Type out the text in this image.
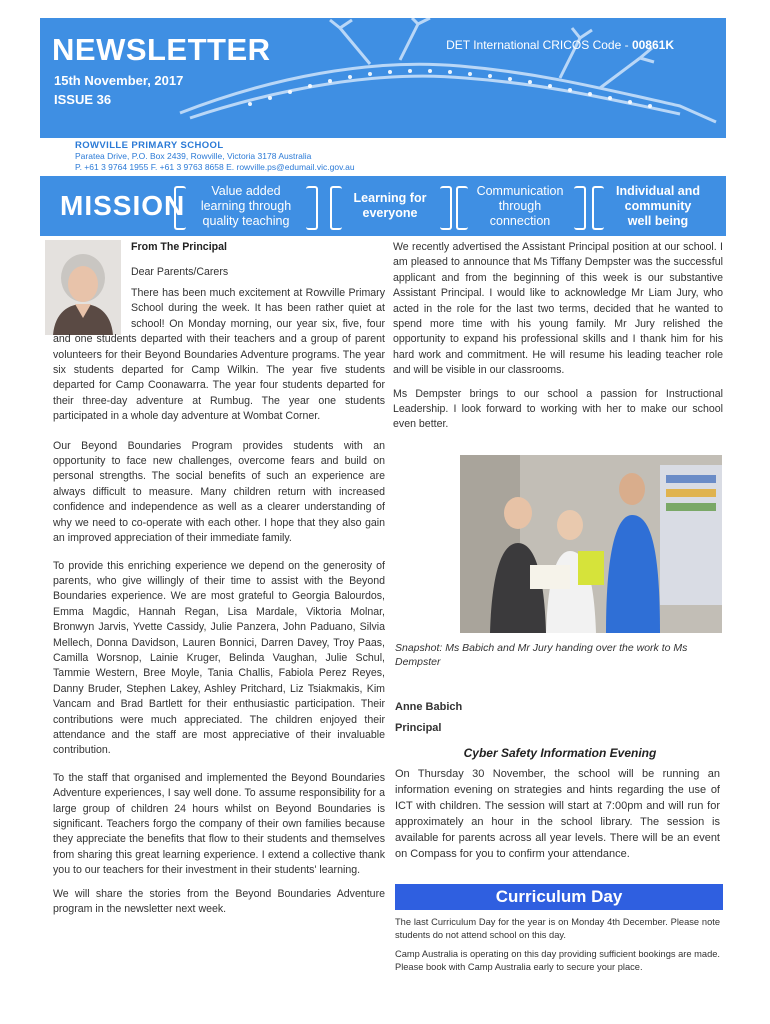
NEWSLETTER
15th November, 2017
ISSUE 36
DET International CRICOS Code - 00861K
ROWVILLE PRIMARY SCHOOL
Paratea Drive, P.O. Box 2439, Rowville, Victoria 3178 Australia
P. +61 3 9764 1955 F. +61 3 9763 8658 E. rowville.ps@edumail.vic.gov.au
MISSION	Value added
learning through
quality teaching
Learning for
everyone
Communication
through
connection
Individual and
community
well being
From The Principal
Dear Parents/Carers

There has been much excitement at Rowville Primary School during the week. It has been rather quiet at school! On Monday morning, our year six, five, four and one students departed with their teachers and a group of parent volunteers for their Beyond Boundaries Adventure programs. The year six students departed for Camp Wilkin. The year five students departed for Camp Coonawarra. The year four students departed for their three-day adventure at Rumbug. The year one students participated in a whole day adventure at Wombat Corner.

Our Beyond Boundaries Program provides students with an opportunity to face new challenges, overcome fears and build on personal strengths. The social benefits of such an experience are always difficult to measure. Many children return with increased confidence and independence as well as a clearer understanding of why we need to co-operate with each other. I hope that they also gain an improved appreciation of their immediate family.

To provide this enriching experience we depend on the generosity of parents, who give willingly of their time to assist with the Beyond Boundaries experience. We are most grateful to Georgia Balourdos, Emma Magdic, Hannah Regan, Lisa Mardale, Viktoria Molnar, Bronwyn Jarvis, Yvette Cassidy, Julie Panzera, John Paduano, Silvia Mellech, Donna Davidson, Lauren Bonnici, Darren Davey, Troy Paas, Camilla Worsnop, Lainie Kruger, Belinda Vaughan, Julie Schul, Tammie Western, Bree Moyle, Tania Challis, Fabiola Perez Reyes, Danny Bruder, Stephen Lakey, Ashley Pritchard, Liz Tsiakmakis, Kim Vancam and Brad Bartlett for their enthusiastic participation. Their contributions were much appreciated. The children enjoyed their attendance and the staff are most appreciative of their invaluable contribution.

To the staff that organised and implemented the Beyond Boundaries Adventure experiences, I say well done. To assume responsibility for a large group of children 24 hours whilst on Beyond Boundaries is significant. Teachers forgo the company of their own families because they appreciate the benefits that flow to their students and themselves from sharing this great learning experience. I extend a collective thank you to our teachers for their investment in their students' learning.

We will share the stories from the Beyond Boundaries Adventure program in the newsletter next week.

We recently advertised the Assistant Principal position at our school. I am pleased to announce that Ms Tiffany Dempster was the successful applicant and from the beginning of this week is our substantive Assistant Principal. I would like to acknowledge Mr Liam Jury, who acted in the role for the last two terms, decided that he wanted to spend more time with his young family. Mr Jury relished the opportunity to expand his professional skills and I thank him for his hard work and commitment. He will resume his leading teacher role and will be visible in our classrooms.

Ms Dempster brings to our school a passion for Instructional Leadership. I look forward to working with her to make our school even better.

Snapshot: Ms Babich and Mr Jury handing over the work to Ms Dempster
Anne Babich
Principal
Cyber Safety Information Evening
On Thursday 30 November, the school will be running an information evening on strategies and hints regarding the use of ICT with children. The session will start at 7:00pm and will run for approximately an hour in the school library. The session is available for parents across all year levels. There will be an event on Compass for you to confirm your attendance.
Curriculum Day
The last Curriculum Day for the year is on Monday 4th December. Please note students do not attend school on this day.
Camp Australia is operating on this day providing sufficient bookings are made. Please book with Camp Australia early to secure your place.
